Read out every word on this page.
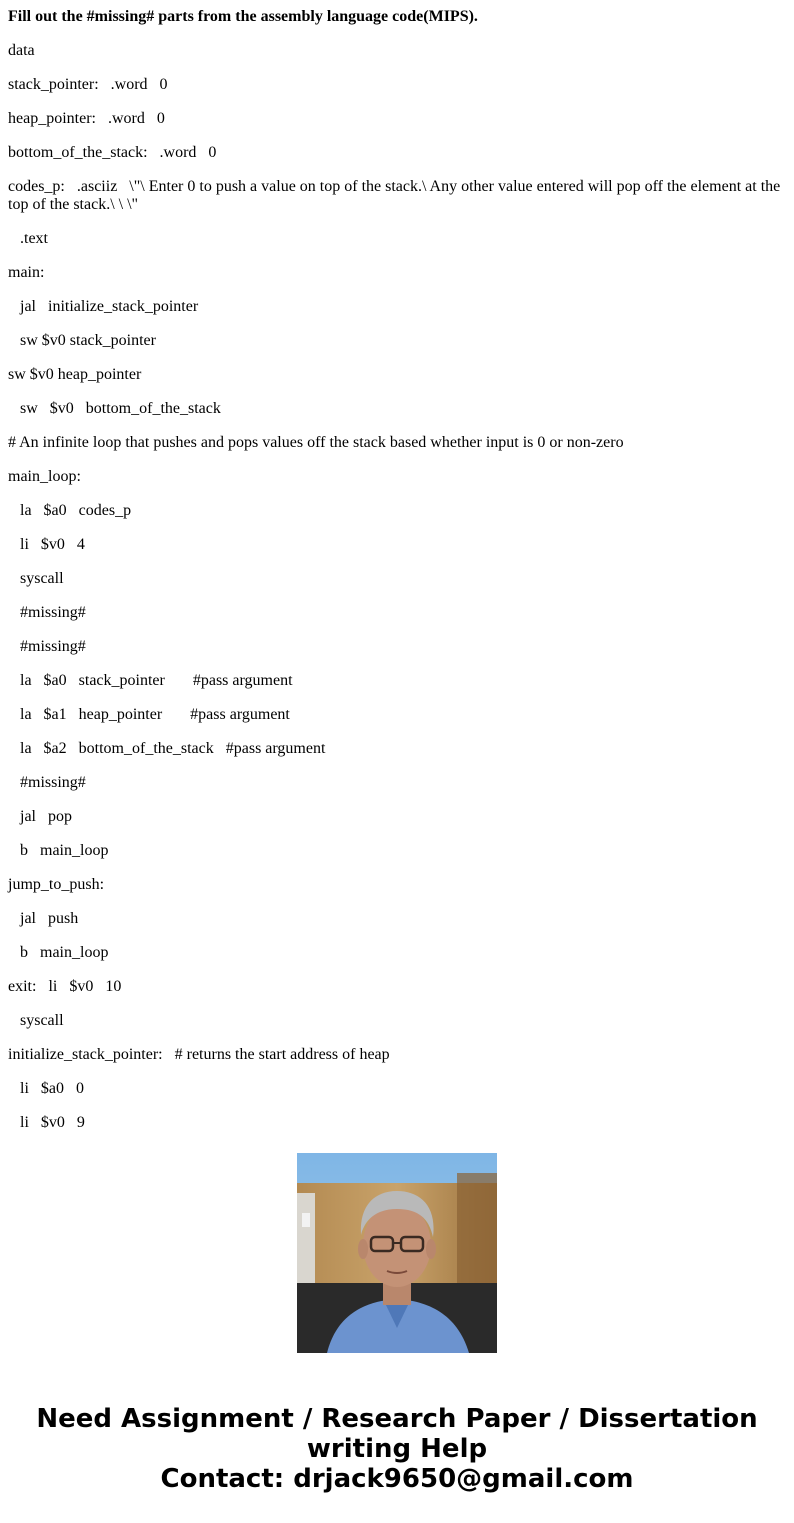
Fill out the #missing# parts from the assembly language code(MIPS).
data
stack_pointer:   .word   0
heap_pointer:   .word   0
bottom_of_the_stack:   .word   0
codes_p:   .asciiz   \"\ Enter 0 to push a value on top of the stack.\ Any other value entered will pop off the element at the top of the stack.\ \ \"
.text
main:
jal   initialize_stack_pointer
sw $v0 stack_pointer
sw $v0 heap_pointer
sw   $v0   bottom_of_the_stack
# An infinite loop that pushes and pops values off the stack based whether input is 0 or non-zero
main_loop:
la   $a0   codes_p
li   $v0   4
syscall
#missing#
#missing#
la   $a0   stack_pointer       #pass argument
la   $a1   heap_pointer       #pass argument
la   $a2   bottom_of_the_stack   #pass argument
#missing#
jal   pop
b   main_loop
jump_to_push:
jal   push
b   main_loop
exit:   li   $v0   10
syscall
initialize_stack_pointer:   # returns the start address of heap
li   $a0   0
li   $v0   9
Need Assignment / Research Paper / Dissertation
writing Help
Contact: drjack9650@gmail.com
